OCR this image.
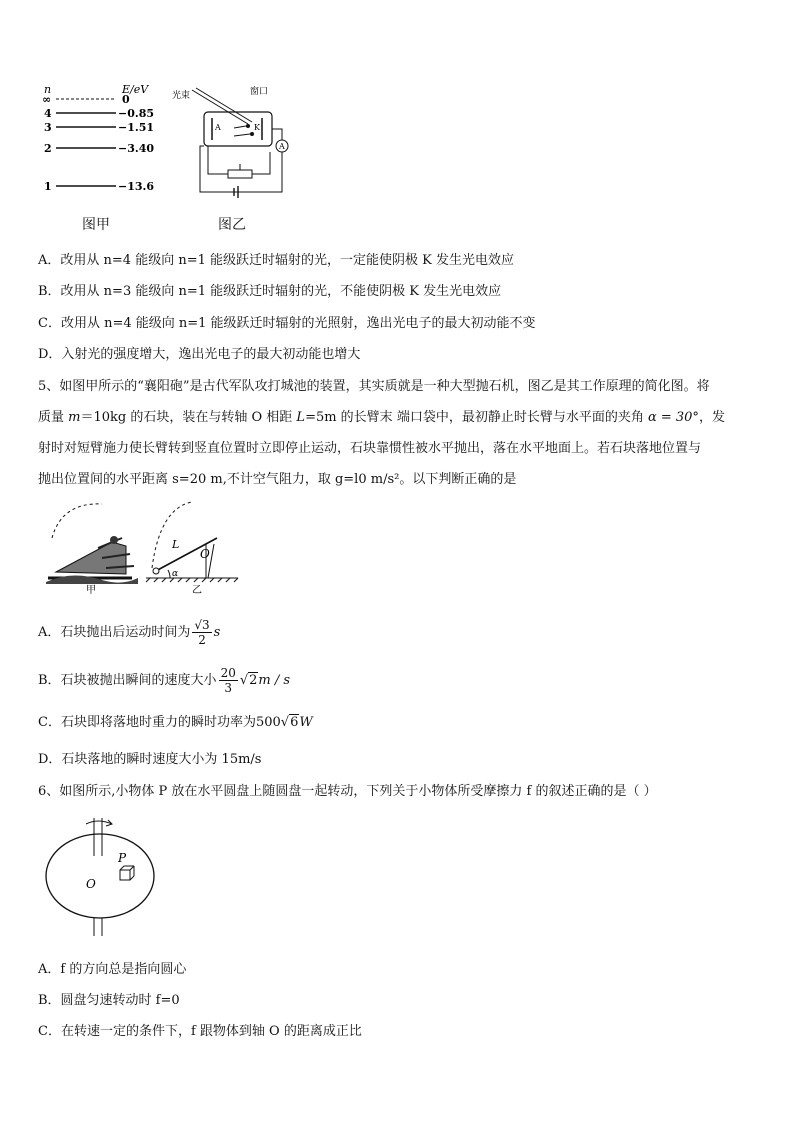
n	E/eV
∞	0
4	−0.85
3	−1.51
2	−3.40
1	−13.6
图甲
光束	窗口
A	K
A
图乙
A．改用从 n=4 能级向 n=1 能级跃迁时辐射的光，一定能使阴极 K 发生光电效应
B．改用从 n=3 能级向 n=1 能级跃迁时辐射的光，不能使阴极 K 发生光电效应
C．改用从 n=4 能级向 n=1 能级跃迁时辐射的光照射，逸出光电子的最大初动能不变
D．入射光的强度增大，逸出光电子的最大初动能也增大
5、如图甲所示的“襄阳砲”是古代军队攻打城池的装置，其实质就是一种大型抛石机，图乙是其工作原理的简化图。将
质量 m＝10kg 的石块，装在与转轴 O 相距 L=5m 的长臂末 端口袋中，最初静止时长臂与水平面的夹角 α = 30°，发
射时对短臂施力使长臂转到竖直位置时立即停止运动，石块靠惯性被水平抛出，落在水平地面上。若石块落地位置与
抛出位置间的水平距离 s=20 m,不计空气阻力，取 g=l0 m/s²。以下判断正确的是
甲
L
O
α
乙
A．石块抛出后运动时间为 $\frac{√3}{2}$ s
B．石块被抛出瞬间的速度大小 $\frac{20}{3} √2m$ / s
C．石块即将落地时重力的瞬时功率为500√6W
D．石块落地的瞬时速度大小为 15m/s
6、如图所示,小物体 P 放在水平圆盘上随圆盘一起转动，下列关于小物体所受摩擦力 f 的叙述正确的是（ ）
P
O
A．f 的方向总是指向圆心
B．圆盘匀速转动时 f=0
C．在转速一定的条件下，f 跟物体到轴 O 的距离成正比
